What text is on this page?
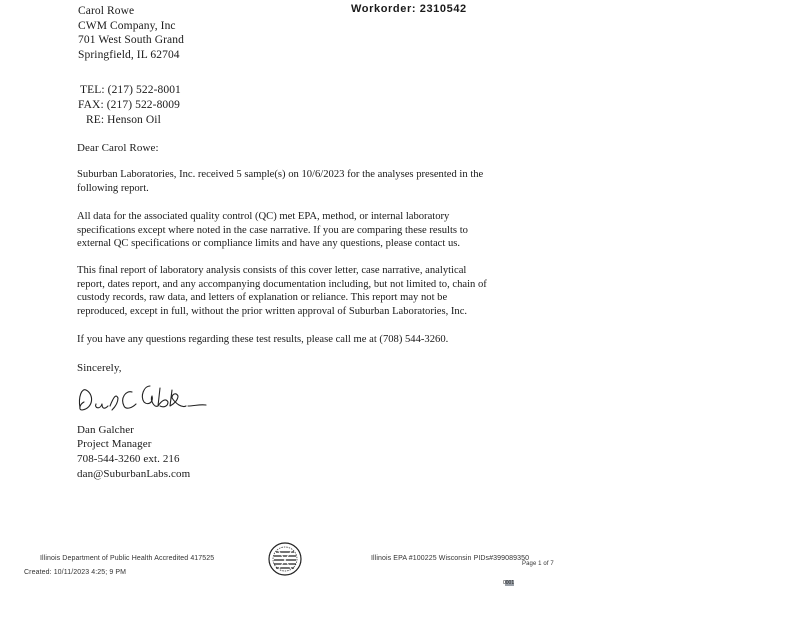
Workorder: 2310542
Carol Rowe
CWM Company, Inc
701 West South Grand
Springfield, IL 62704
TEL: (217) 522-8001
FAX: (217) 522-8009
RE: Henson Oil
Dear Carol Rowe:
Suburban Laboratories, Inc. received 5 sample(s) on 10/6/2023 for the analyses presented in the
following report.
All data for the associated quality control (QC) met EPA, method, or internal laboratory
specifications except where noted in the case narrative. If you are comparing these results to
external QC specifications or compliance limits and have any questions, please contact us.
This final report of laboratory analysis consists of this cover letter, case narrative, analytical
report, dates report, and any accompanying documentation including, but not limited to, chain of
custody records, raw data, and letters of explanation or reliance. This report may not be
reproduced, except in full, without the prior written approval of Suburban Laboratories, Inc.
If you have any questions regarding these test results, please call me at (708) 544-3260.
Sincerely,
Dan Galcher
Project Manager
708-544-3260 ext. 216
dan@SuburbanLabs.com
Illinois Department of Public Health Accredited 417525
Created: 10/11/2023 4:25; 9 PM
Illinois EPA #100225 Wisconsin PIDs#399089350
Page 1 of 7
0001
